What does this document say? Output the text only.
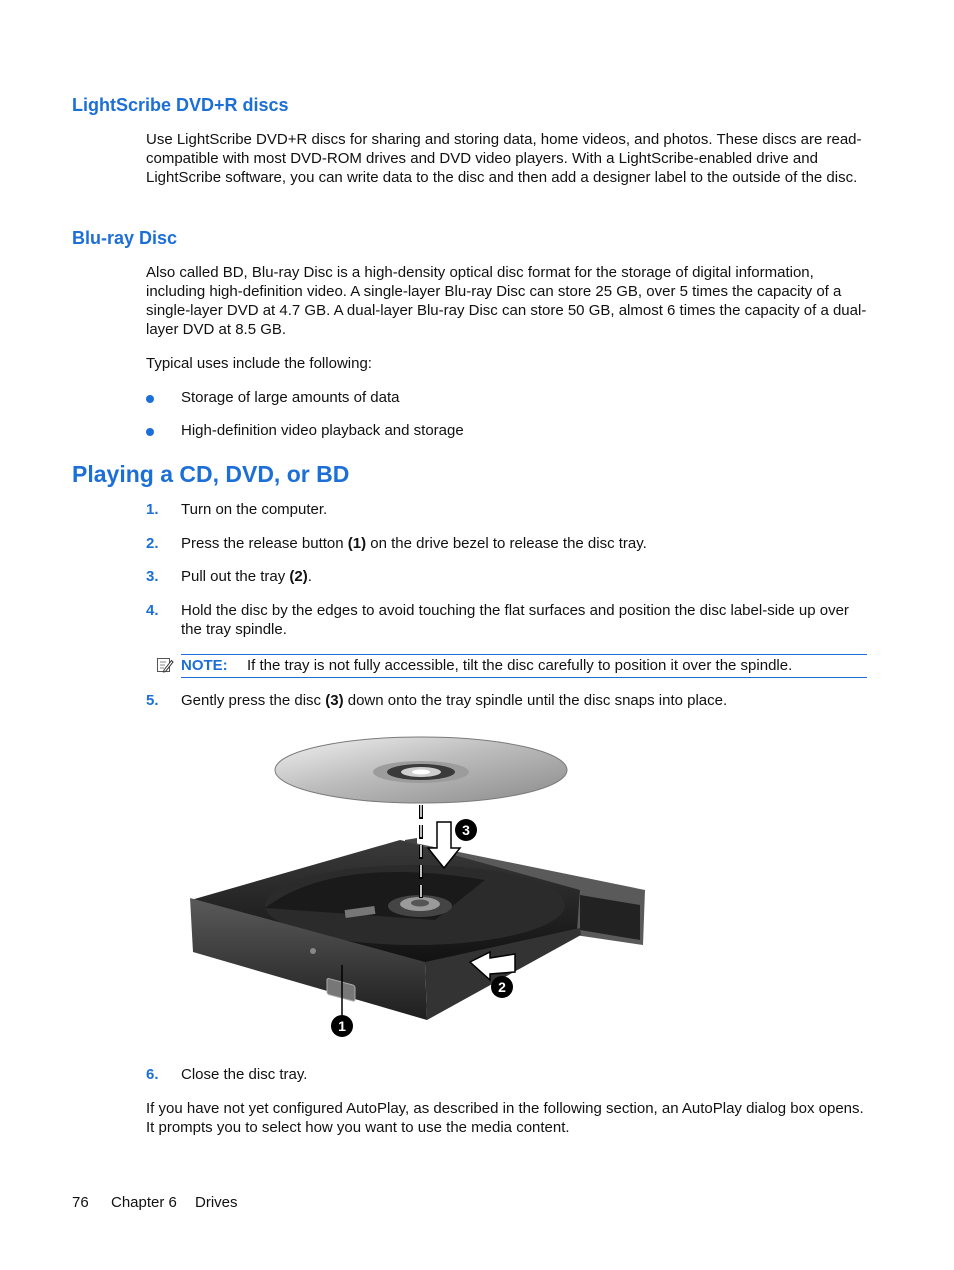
LightScribe DVD+R discs
Use LightScribe DVD+R discs for sharing and storing data, home videos, and photos. These discs are read-compatible with most DVD-ROM drives and DVD video players. With a LightScribe-enabled drive and LightScribe software, you can write data to the disc and then add a designer label to the outside of the disc.
Blu-ray Disc
Also called BD, Blu-ray Disc is a high-density optical disc format for the storage of digital information, including high-definition video. A single-layer Blu-ray Disc can store 25 GB, over 5 times the capacity of a single-layer DVD at 4.7 GB. A dual-layer Blu-ray Disc can store 50 GB, almost 6 times the capacity of a dual-layer DVD at 8.5 GB.
Typical uses include the following:
Storage of large amounts of data
High-definition video playback and storage
Playing a CD, DVD, or BD
1. Turn on the computer.
2. Press the release button (1) on the drive bezel to release the disc tray.
3. Pull out the tray (2).
4. Hold the disc by the edges to avoid touching the flat surfaces and position the disc label-side up over the tray spindle.
NOTE: If the tray is not fully accessible, tilt the disc carefully to position it over the spindle.
5. Gently press the disc (3) down onto the tray spindle until the disc snaps into place.
3
2
1
6. Close the disc tray.
If you have not yet configured AutoPlay, as described in the following section, an AutoPlay dialog box opens. It prompts you to select how you want to use the media content.
76 Chapter 6 Drives
